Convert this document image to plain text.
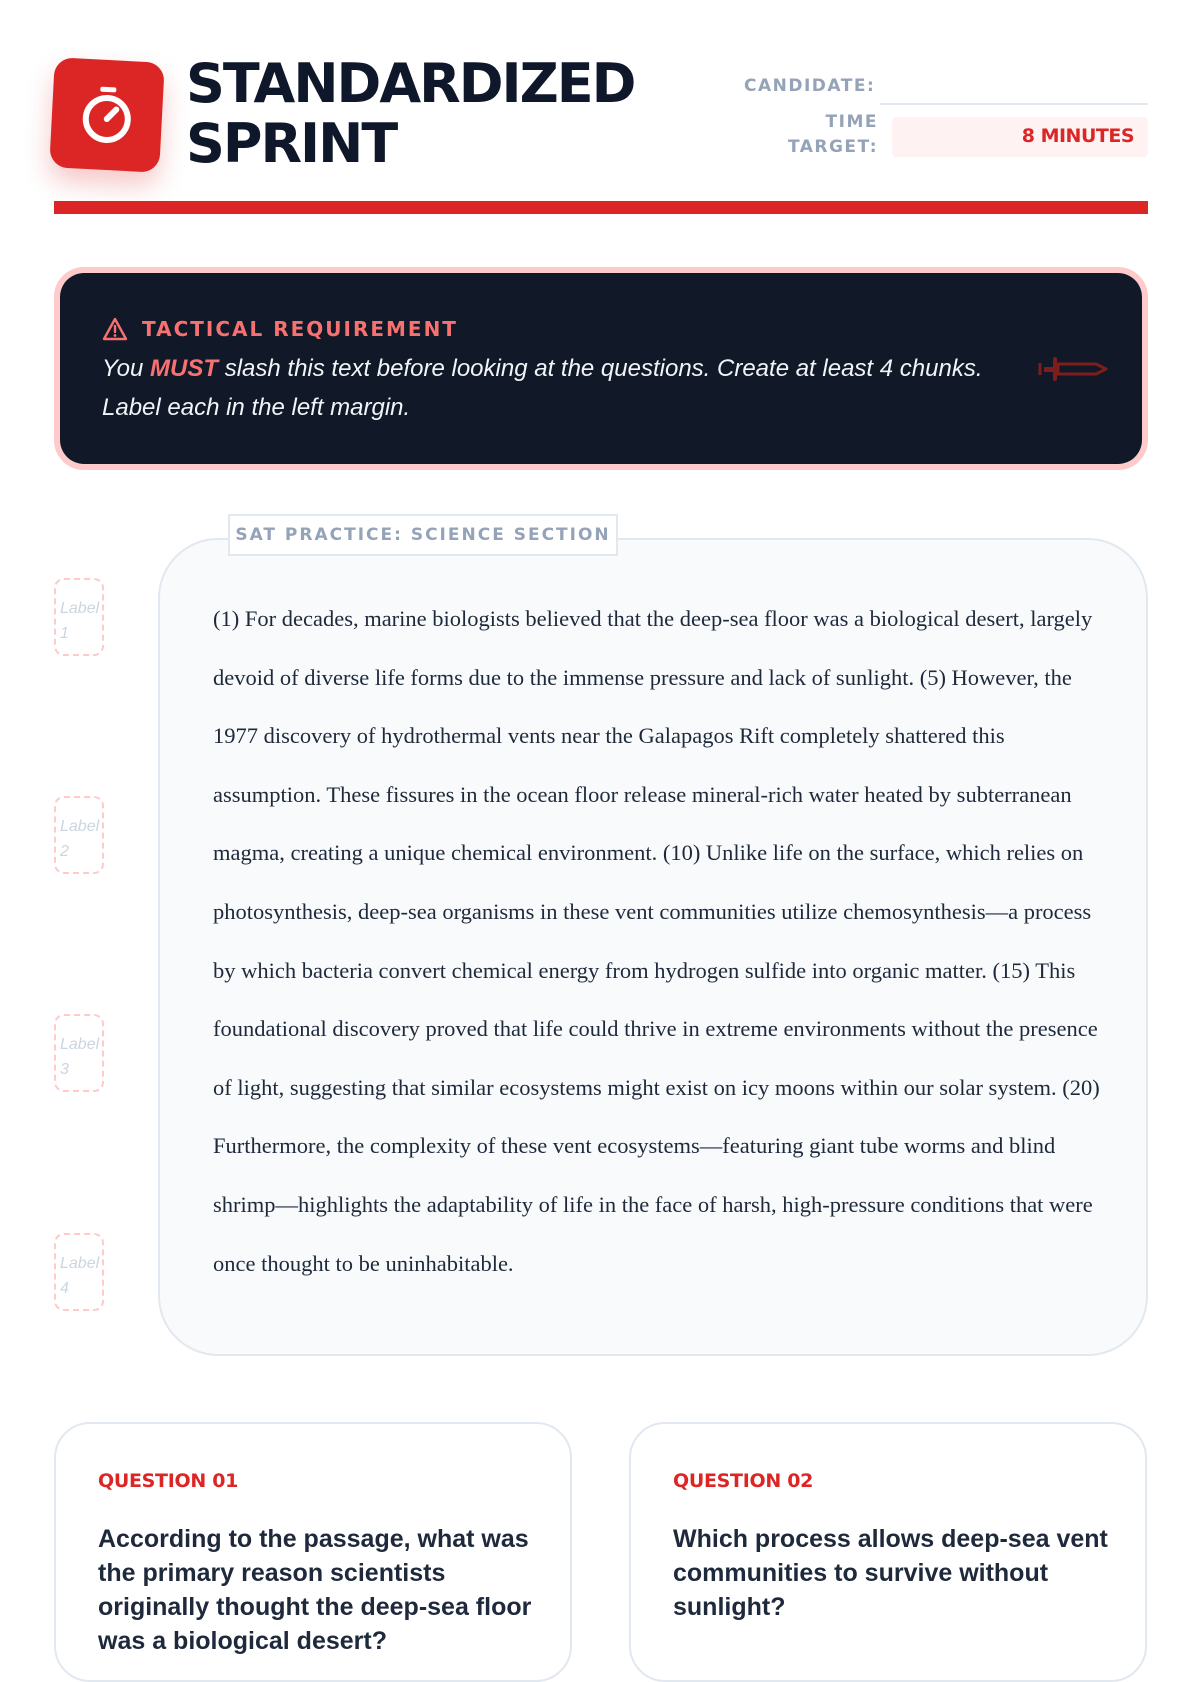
STANDARDIZED SPRINT
CANDIDATE:
TIME TARGET:	8 MINUTES
TACTICAL REQUIREMENT
You MUST slash this text before looking at the questions. Create at least 4 chunks. Label each in the left margin.
Label 1
Label 2
Label 3
Label 4
(1) For decades, marine biologists believed that the deep-sea floor was a biological desert, largely devoid of diverse life forms due to the immense pressure and lack of sunlight. (5) However, the 1977 discovery of hydrothermal vents near the Galapagos Rift completely shattered this assumption. These fissures in the ocean floor release mineral-rich water heated by subterranean magma, creating a unique chemical environment. (10) Unlike life on the surface, which relies on photosynthesis, deep-sea organisms in these vent communities utilize chemosynthesis—a process by which bacteria convert chemical energy from hydrogen sulfide into organic matter. (15) This foundational discovery proved that life could thrive in extreme environments without the presence of light, suggesting that similar ecosystems might exist on icy moons within our solar system. (20) Furthermore, the complexity of these vent ecosystems—featuring giant tube worms and blind shrimp—highlights the adaptability of life in the face of harsh, high-pressure conditions that were once thought to be uninhabitable.
SAT PRACTICE: SCIENCE SECTION
QUESTION 01
According to the passage, what was the primary reason scientists originally thought the deep-sea floor was a biological desert?
QUESTION 02
Which process allows deep-sea vent communities to survive without sunlight?
